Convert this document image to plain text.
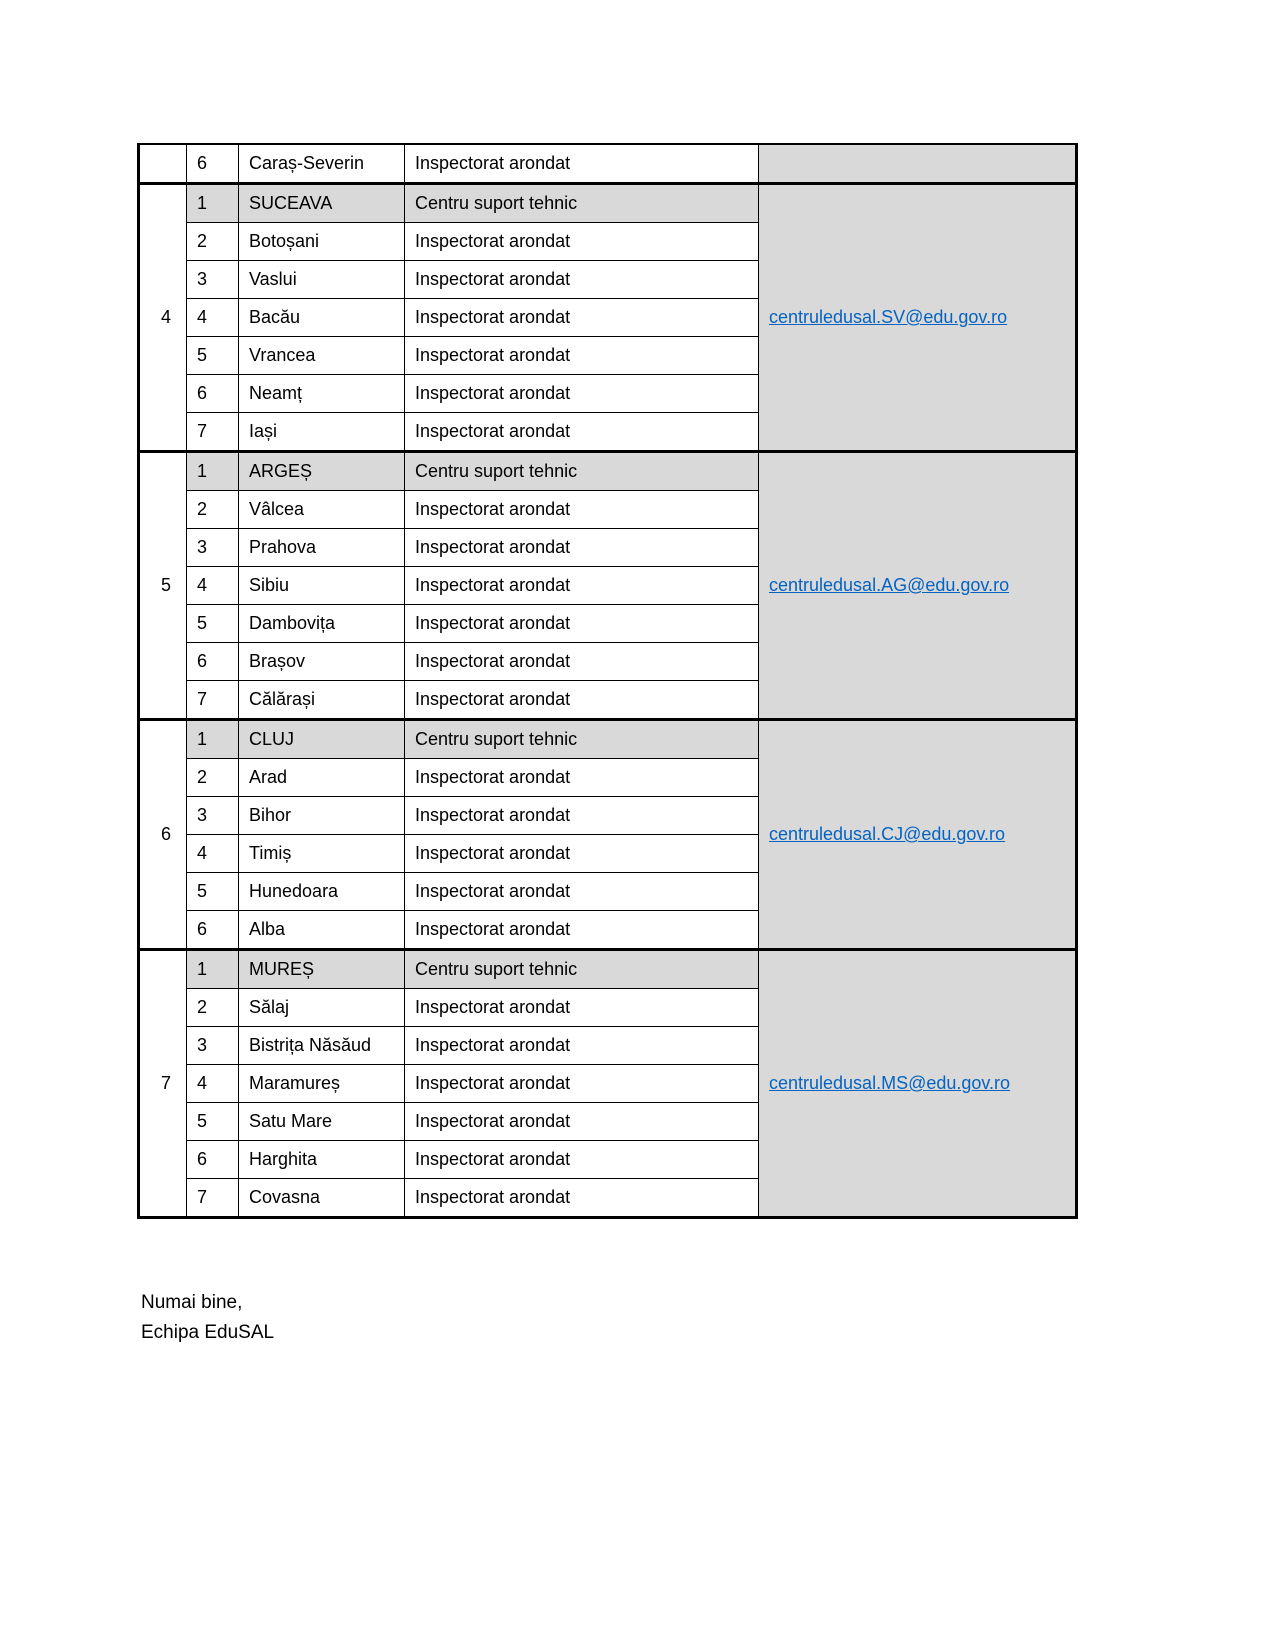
	6	Caraș-Severin	Inspectorat arondat	
4	1	SUCEAVA	Centru suport tehnic	centruledusal.SV@edu.gov.ro
	2	Botoșani	Inspectorat arondat	
	3	Vaslui	Inspectorat arondat	
	4	Bacău	Inspectorat arondat	
	5	Vrancea	Inspectorat arondat	
	6	Neamț	Inspectorat arondat	
	7	Iași	Inspectorat arondat	
5	1	ARGEȘ	Centru suport tehnic	centruledusal.AG@edu.gov.ro
	2	Vâlcea	Inspectorat arondat	
	3	Prahova	Inspectorat arondat	
	4	Sibiu	Inspectorat arondat	
	5	Dambovița	Inspectorat arondat	
	6	Brașov	Inspectorat arondat	
	7	Călărași	Inspectorat arondat	
6	1	CLUJ	Centru suport tehnic	centruledusal.CJ@edu.gov.ro
	2	Arad	Inspectorat arondat	
	3	Bihor	Inspectorat arondat	
	4	Timiș	Inspectorat arondat	
	5	Hunedoara	Inspectorat arondat	
	6	Alba	Inspectorat arondat	
7	1	MUREȘ	Centru suport tehnic	centruledusal.MS@edu.gov.ro
	2	Sălaj	Inspectorat arondat	
	3	Bistrița Năsăud	Inspectorat arondat	
	4	Maramureș	Inspectorat arondat	
	5	Satu Mare	Inspectorat arondat	
	6	Harghita	Inspectorat arondat	
	7	Covasna	Inspectorat arondat	
Numai bine,
Echipa EduSAL
